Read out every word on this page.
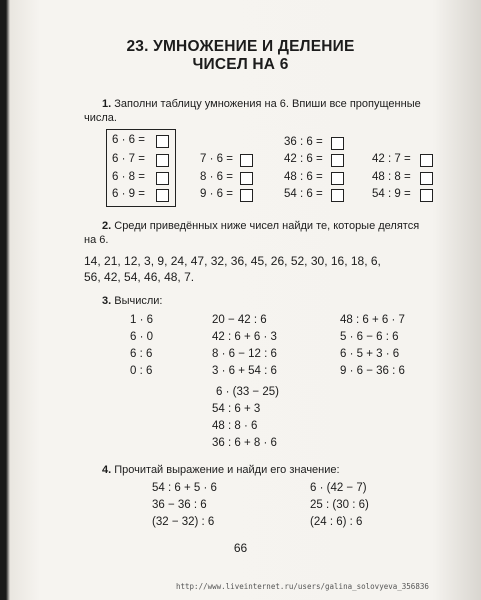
23. УМНОЖЕНИЕ И ДЕЛЕНИЕ
ЧИСЕЛ НА 6
1. Заполни таблицу умножения на 6. Впиши все пропущенные
числа.
6 · 6 =
6 · 7 =
6 · 8 =
6 · 9 =
7 · 6 =
8 · 6 =
9 · 6 =
36 : 6 =
42 : 6 =
48 : 6 =
54 : 6 =
42 : 7 =
48 : 8 =
54 : 9 =
2. Среди приведённых ниже чисел найди те, которые делятся
на 6.
14, 21, 12, 3, 9, 24, 47, 32, 36, 45, 26, 52, 30, 16, 18, 6,
56, 42, 54, 46, 48, 7.
3. Вычисли:
1 · 6
6 · 0
6 : 6
0 : 6
20 − 42 : 6
42 : 6 + 6 · 3
8 · 6 − 12 : 6
3 · 6 + 54 : 6
48 : 6 + 6 · 7
5 · 6 − 6 : 6
6 · 5 + 3 · 6
9 · 6 − 36 : 6
6 · (33 − 25)
54 : 6 + 3
48 : 8 · 6
36 : 6 + 8 · 6
4. Прочитай выражение и найди его значение:
54 : 6 + 5 · 6
36 − 36 : 6
(32 − 32) : 6
6 · (42 − 7)
25 : (30 : 6)
(24 : 6) : 6
66
http://www.liveinternet.ru/users/galina_solovyeva_356836
